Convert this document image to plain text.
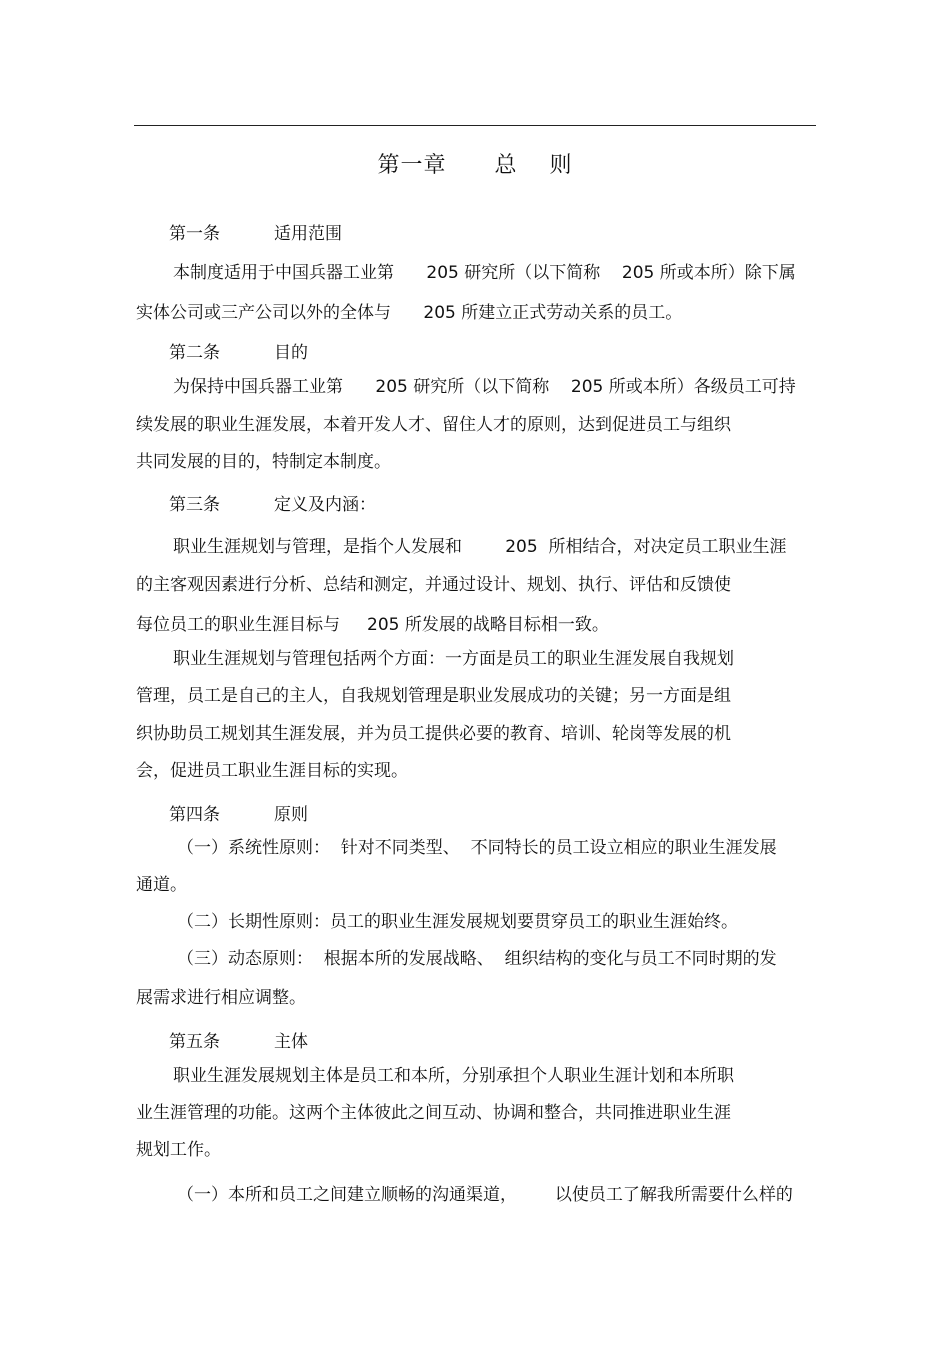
第一章      总    则
第一条          适用范围
本制度适用于中国兵器工业第      205 研究所（以下简称    205 所或本所）除下属
实体公司或三产公司以外的全体与      205 所建立正式劳动关系的员工。
第二条          目的
为保持中国兵器工业第      205 研究所（以下简称    205 所或本所）各级员工可持
续发展的职业生涯发展，本着开发人才、留住人才的原则，达到促进员工与组织
共同发展的目的，特制定本制度。
第三条          定义及内涵：
职业生涯规划与管理，是指个人发展和        205  所相结合，对决定员工职业生涯
的主客观因素进行分析、总结和测定，并通过设计、规划、执行、评估和反馈使
每位员工的职业生涯目标与     205 所发展的战略目标相一致。
职业生涯规划与管理包括两个方面：一方面是员工的职业生涯发展自我规划
管理，员工是自己的主人，自我规划管理是职业发展成功的关键；另一方面是组
织协助员工规划其生涯发展，并为员工提供必要的教育、培训、轮岗等发展的机
会，促进员工职业生涯目标的实现。
第四条          原则
（一）系统性原则：  针对不同类型、  不同特长的员工设立相应的职业生涯发展
通道。
（二）长期性原则：员工的职业生涯发展规划要贯穿员工的职业生涯始终。
（三）动态原则：  根据本所的发展战略、  组织结构的变化与员工不同时期的发
展需求进行相应调整。
第五条          主体
职业生涯发展规划主体是员工和本所，分别承担个人职业生涯计划和本所职
业生涯管理的功能。这两个主体彼此之间互动、协调和整合，共同推进职业生涯
规划工作。
（一）本所和员工之间建立顺畅的沟通渠道，       以使员工了解我所需要什么样的
